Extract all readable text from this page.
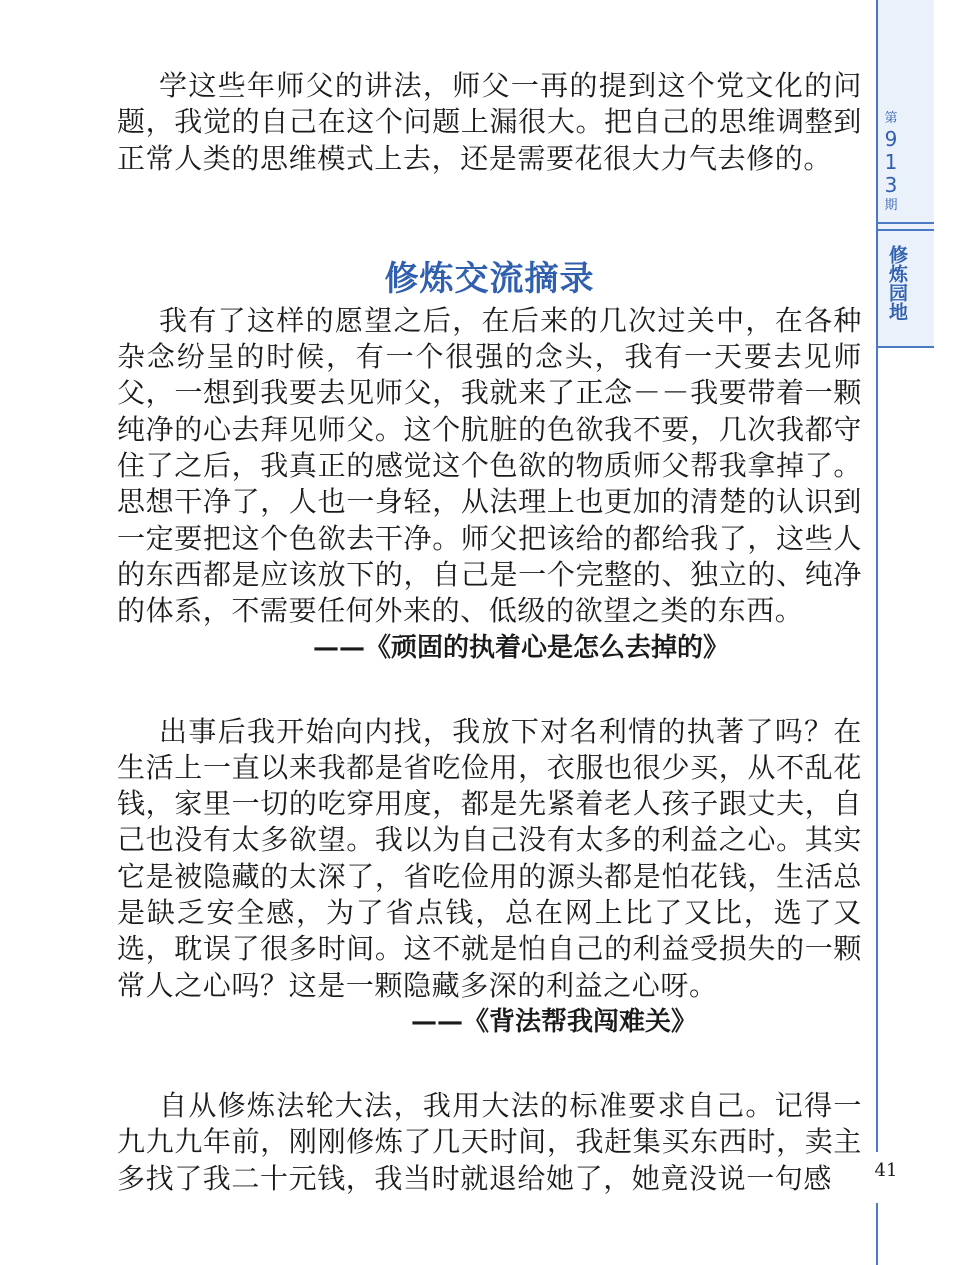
第
9
1
3
期
修炼园地
41

学这些年师父的讲法，师父一再的提到这个党文化的问题，我觉的自己在这个问题上漏很大。把自己的思维调整到正常人类的思维模式上去，还是需要花很大力气去修的。

修炼交流摘录

我有了这样的愿望之后，在后来的几次过关中，在各种杂念纷呈的时候，有一个很强的念头，我有一天要去见师父，一想到我要去见师父，我就来了正念－－我要带着一颗纯净的心去拜见师父。这个肮脏的色欲我不要，几次我都守住了之后，我真正的感觉这个色欲的物质师父帮我拿掉了。思想干净了，人也一身轻，从法理上也更加的清楚的认识到一定要把这个色欲去干净。师父把该给的都给我了，这些人的东西都是应该放下的，自己是一个完整的、独立的、纯净的体系，不需要任何外来的、低级的欲望之类的东西。

——《顽固的执着心是怎么去掉的》

出事后我开始向内找，我放下对名利情的执著了吗？在生活上一直以来我都是省吃俭用，衣服也很少买，从不乱花钱，家里一切的吃穿用度，都是先紧着老人孩子跟丈夫，自己也没有太多欲望。我以为自己没有太多的利益之心。其实它是被隐藏的太深了，省吃俭用的源头都是怕花钱，生活总是缺乏安全感，为了省点钱，总在网上比了又比，选了又选，耽误了很多时间。这不就是怕自己的利益受损失的一颗常人之心吗？这是一颗隐藏多深的利益之心呀。

——《背法帮我闯难关》

自从修炼法轮大法，我用大法的标准要求自己。记得一九九九年前，刚刚修炼了几天时间，我赶集买东西时，卖主多找了我二十元钱，我当时就退给她了，她竟没说一句感
